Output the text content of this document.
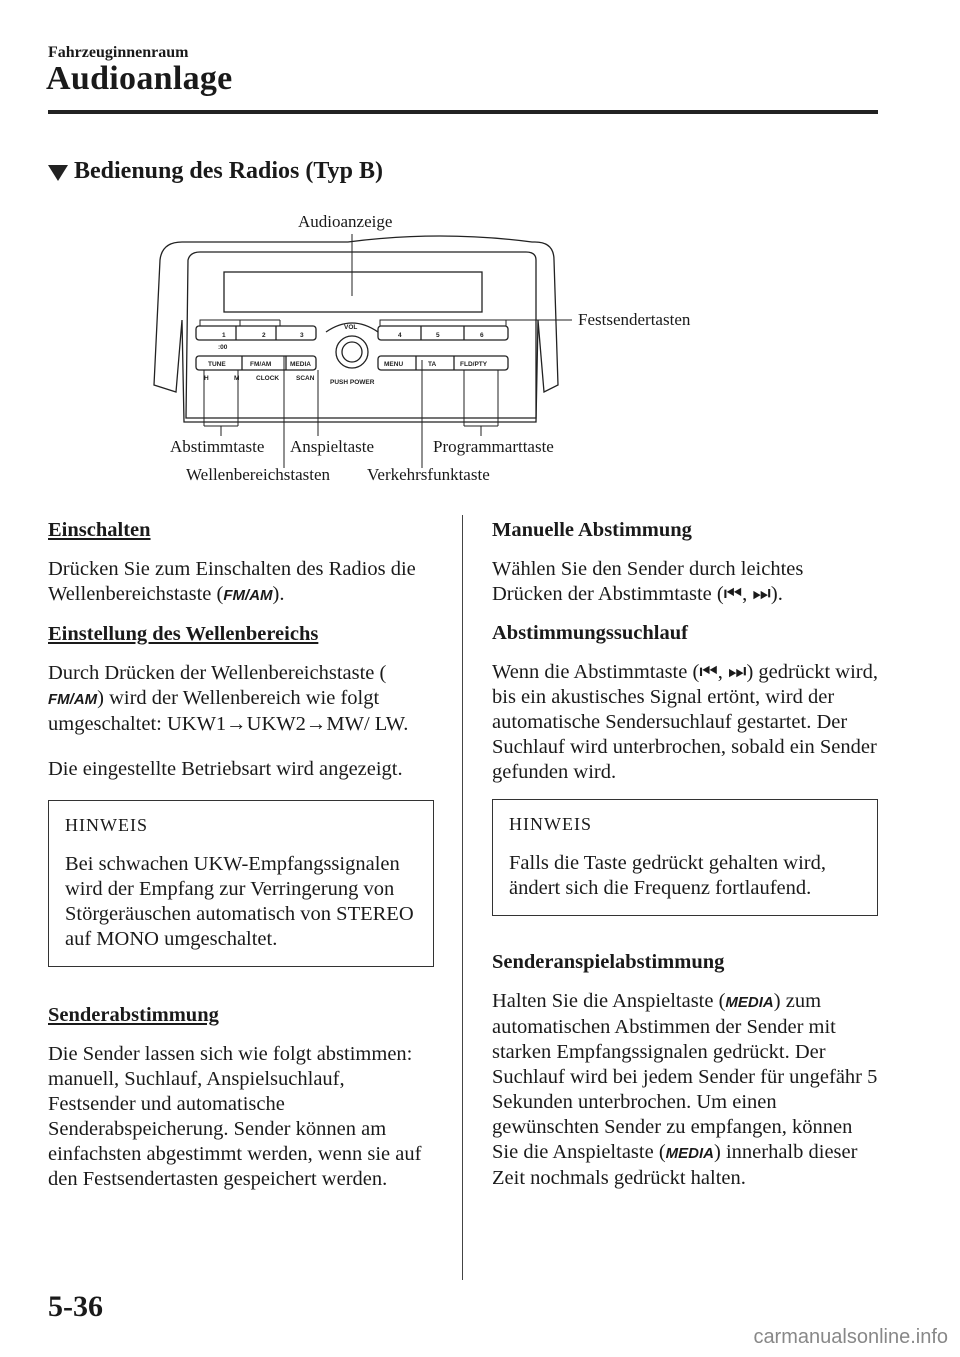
Fahrzeuginnenraum
Audioanlage
Bedienung des Radios (Typ B)
1	2	3	4	5	6
:00
VOL
TUNE	FM/AM	MEDIA	MENU	TA	FLD/PTY
H	M	CLOCK	SCAN
PUSH POWER
Audioanzeige
Festsendertasten
Abstimmtaste Anspieltaste	Programmarttaste
Wellenbereichstasten Verkehrsfunktaste

Einschalten

Drücken Sie zum Einschalten des Radios die Wellenbereichstaste (FM/AM).

Einstellung des Wellenbereichs

Durch Drücken der Wellenbereichstaste (FM/AM) wird der Wellenbereich wie folgt umgeschaltet: UKW1→UKW2→MW/ LW.

Die eingestellte Betriebsart wird angezeigt.

HINWEIS

Bei schwachen UKW-Empfangssignalen wird der Empfang zur Verringerung von Störgeräuschen automatisch von STEREO auf MONO umgeschaltet.

Senderabstimmung

Die Sender lassen sich wie folgt abstimmen: manuell, Suchlauf, Anspielsuchlauf, Festsender und automatische Senderabspeicherung. Sender können am einfachsten abgestimmt werden, wenn sie auf den Festsendertasten gespeichert werden.

Manuelle Abstimmung

Wählen Sie den Sender durch leichtes Drücken der Abstimmtaste (⏮, ⏭).

Abstimmungssuchlauf

Wenn die Abstimmtaste (⏮, ⏭) gedrückt wird, bis ein akustisches Signal ertönt, wird der automatische Sendersuchlauf gestartet. Der Suchlauf wird unterbrochen, sobald ein Sender gefunden wird.

HINWEIS

Falls die Taste gedrückt gehalten wird, ändert sich die Frequenz fortlaufend.

Senderanspielabstimmung

Halten Sie die Anspieltaste (MEDIA) zum automatischen Abstimmen der Sender mit starken Empfangssignalen gedrückt. Der Suchlauf wird bei jedem Sender für ungefähr 5 Sekunden unterbrochen. Um einen gewünschten Sender zu empfangen, können Sie die Anspieltaste (MEDIA) innerhalb dieser Zeit nochmals gedrückt halten.

5-36
carmanualsonline.info
